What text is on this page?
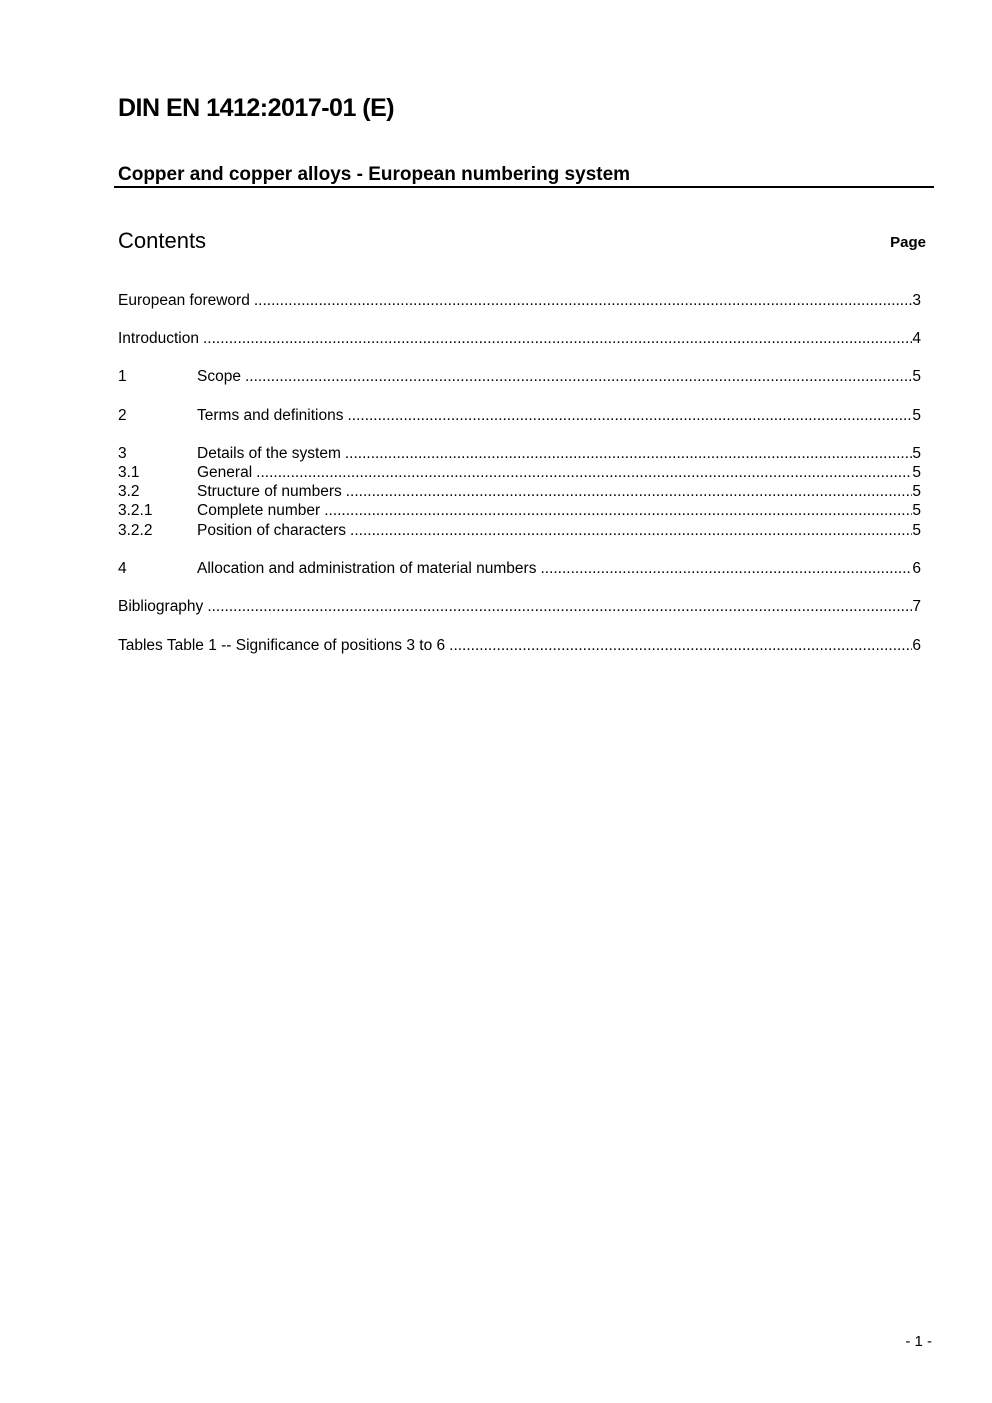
DIN EN 1412:2017-01 (E)
Copper and copper alloys - European numbering system
Contents	Page
European foreword .....	3
Introduction .....	4
1	Scope .....	5
2	Terms and definitions .....	5
3	Details of the system .....	5
3.1	General .....	5
3.2	Structure of numbers .....	5
3.2.1	Complete number .....	5
3.2.2	Position of characters .....	5
4	Allocation and administration of material numbers .....	6
Bibliography .....	7
Tables Table 1 -- Significance of positions 3 to 6 .....	6
- 1 -
